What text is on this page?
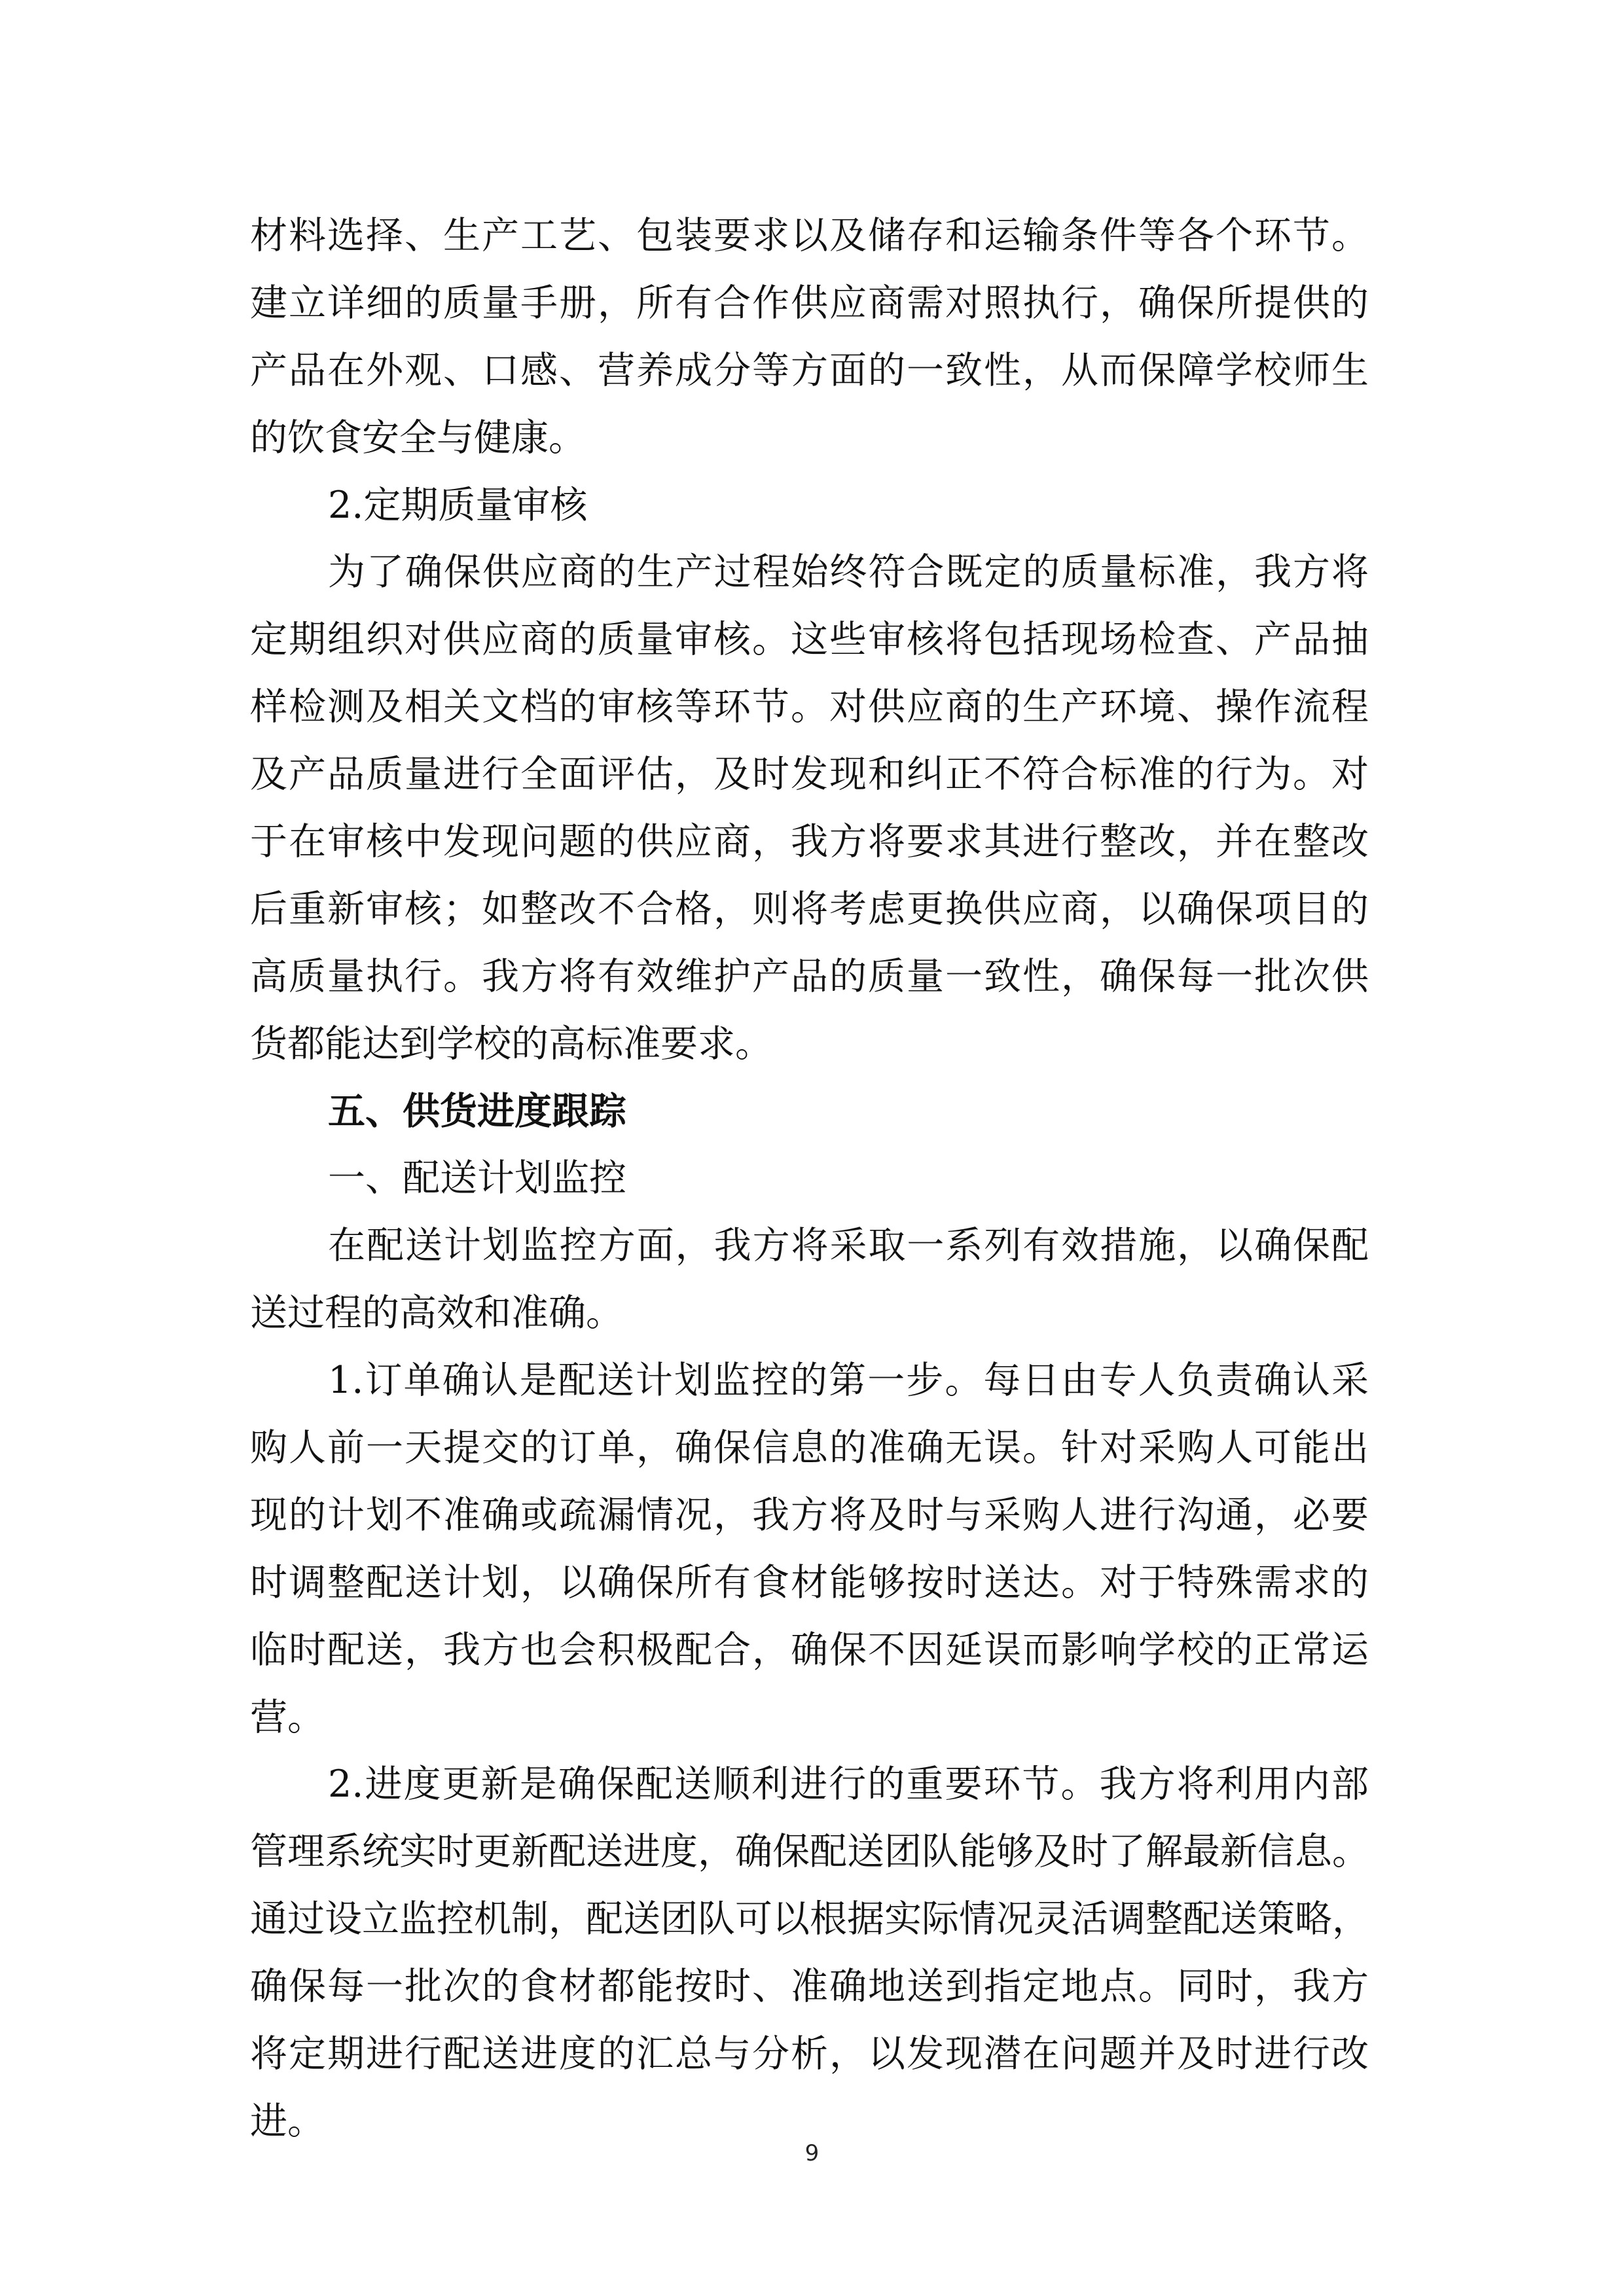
材料选择、生产工艺、包装要求以及储存和运输条件等各个环节。
建立详细的质量手册，所有合作供应商需对照执行，确保所提供的
产品在外观、口感、营养成分等方面的一致性，从而保障学校师生
的饮食安全与健康。
2.定期质量审核
为了确保供应商的生产过程始终符合既定的质量标准，我方将
定期组织对供应商的质量审核。这些审核将包括现场检查、产品抽
样检测及相关文档的审核等环节。对供应商的生产环境、操作流程
及产品质量进行全面评估，及时发现和纠正不符合标准的行为。对
于在审核中发现问题的供应商，我方将要求其进行整改，并在整改
后重新审核；如整改不合格，则将考虑更换供应商，以确保项目的
高质量执行。我方将有效维护产品的质量一致性，确保每一批次供
货都能达到学校的高标准要求。
五、供货进度跟踪
一、配送计划监控
在配送计划监控方面，我方将采取一系列有效措施，以确保配
送过程的高效和准确。
1.订单确认是配送计划监控的第一步。每日由专人负责确认采
购人前一天提交的订单，确保信息的准确无误。针对采购人可能出
现的计划不准确或疏漏情况，我方将及时与采购人进行沟通，必要
时调整配送计划，以确保所有食材能够按时送达。对于特殊需求的
临时配送，我方也会积极配合，确保不因延误而影响学校的正常运
营。
2.进度更新是确保配送顺利进行的重要环节。我方将利用内部
管理系统实时更新配送进度，确保配送团队能够及时了解最新信息。
通过设立监控机制，配送团队可以根据实际情况灵活调整配送策略，
确保每一批次的食材都能按时、准确地送到指定地点。同时，我方
将定期进行配送进度的汇总与分析，以发现潜在问题并及时进行改
进。
9
